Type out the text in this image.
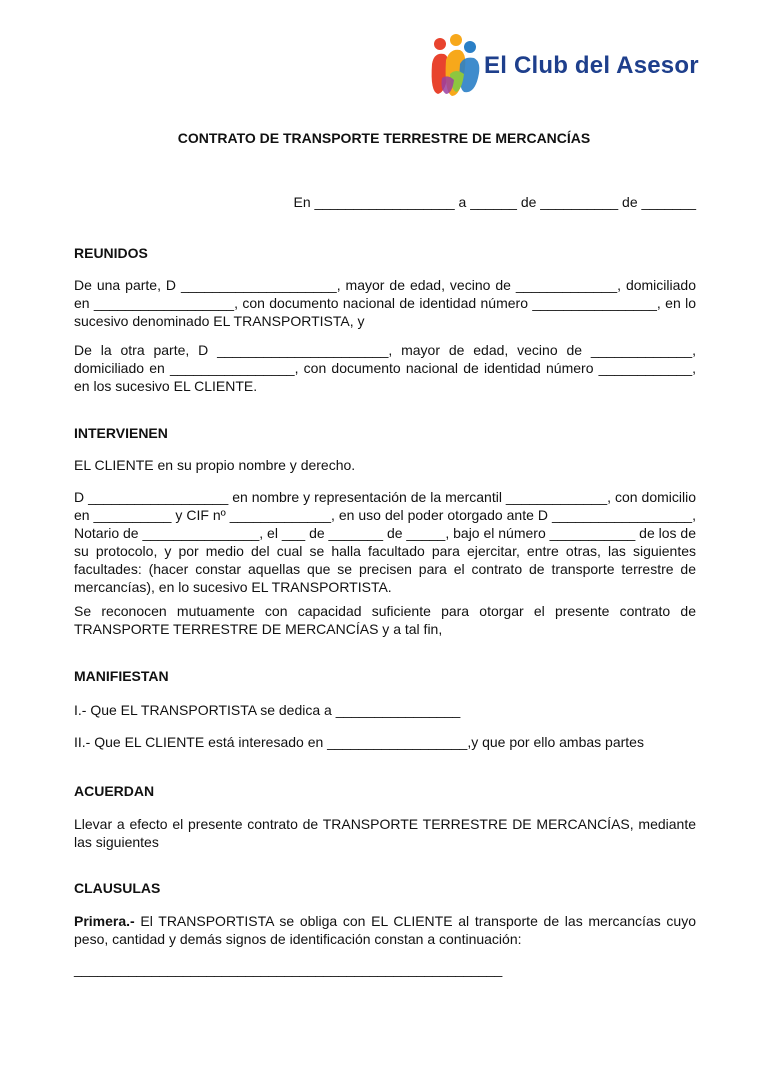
El Club del Asesor
CONTRATO DE TRANSPORTE TERRESTRE DE MERCANCÍAS

En __________________ a ______ de __________ de _______

REUNIDOS

De una parte, D ____________________, mayor de edad, vecino de _____________, domiciliado en __________________, con documento nacional de identidad número ________________, en lo sucesivo denominado EL TRANSPORTISTA, y

De la otra parte, D ______________________, mayor de edad, vecino de _____________, domiciliado en ________________, con documento nacional de identidad número ____________, en los sucesivo EL CLIENTE.

INTERVIENEN

EL CLIENTE en su propio nombre y derecho.

D __________________ en nombre y representación de la mercantil _____________, con domicilio en __________ y CIF nº _____________, en uso del poder otorgado ante D __________________, Notario de _______________, el ___ de _______ de _____, bajo el número ___________ de los de su protocolo, y por medio del cual se halla facultado para ejercitar, entre otras, las siguientes facultades: (hacer constar aquellas que se precisen para el contrato de transporte terrestre de mercancías), en lo sucesivo EL TRANSPORTISTA.

Se reconocen mutuamente con capacidad suficiente para otorgar el presente contrato de TRANSPORTE TERRESTRE DE MERCANCÍAS y a tal fin,

MANIFIESTAN

I.- Que EL TRANSPORTISTA se dedica a ________________

II.- Que EL CLIENTE está interesado en __________________,y que por ello ambas partes

ACUERDAN

Llevar a efecto el presente contrato de TRANSPORTE TERRESTRE DE MERCANCÍAS, mediante las siguientes

CLAUSULAS

Primera.- El TRANSPORTISTA se obliga con EL CLIENTE al transporte de las mercancías cuyo peso, cantidad y demás signos de identificación constan a continuación:

_______________________________________________________
